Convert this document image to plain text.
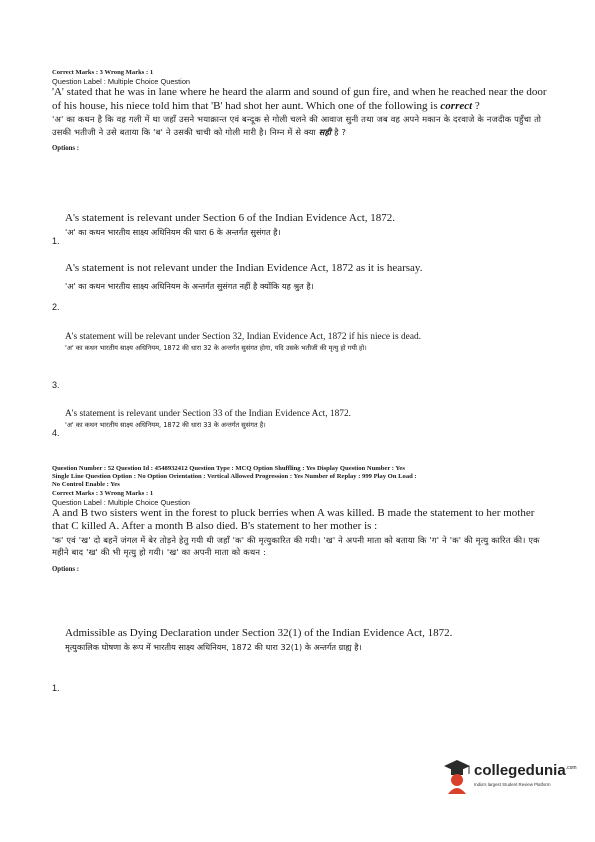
Correct Marks : 3 Wrong Marks : 1
Question Label : Multiple Choice Question
'A' stated that he was in lane where he heard the alarm and sound of gun fire, and when he reached near the door of his house, his niece told him that 'B' had shot her aunt. Which one of the following is correct ?
'अ' का कथन है कि वह गली में था जहाँ उसने भयाक्रान्त एवं बन्दूक से गोली चलने की आवाज सुनी तथा जब वह अपने मकान के दरवाजे के नजदीक पहुँचा तो उसकी भतीजी ने उसे बताया कि 'ब' ने उसकी चाची को गोली मारी है। निम्न में से क्या सही है ?
Options :
1.
A's statement is relevant under Section 6 of the Indian Evidence Act, 1872.
'अ' का कथन भारतीय साक्ष्य अधिनियम की धारा 6 के अन्तर्गत सुसंगत है।
2.
A's statement is not relevant under the Indian Evidence Act, 1872 as it is hearsay.
'अ' का कथन भारतीय साक्ष्य अधिनियम के अन्तर्गत सुसंगत नहीं है क्योंकि यह श्रुत है।
3.
A's statement will be relevant under Section 32, Indian Evidence Act, 1872 if his niece is dead.
'अ' का कथन भारतीय साक्ष्य अधिनियम, 1872 की धारा 32 के अन्तर्गत सुसंगत होगा, यदि उसके भतीजी की मृत्यु हो गयी हो।
4.
A's statement is relevant under Section 33 of the Indian Evidence Act, 1872.
'अ' का कथन भारतीय साक्ष्य अधिनियम, 1872 की धारा 33 के अन्तर्गत सुसंगत है।
Question Number : 52 Question Id : 4548932412 Question Type : MCQ Option Shuffling : Yes Display Question Number : Yes
Single Line Question Option : No Option Orientation : Vertical Allowed Progression : Yes Number of Replay : 999 Play On Load :
No Control Enable : Yes
Correct Marks : 3 Wrong Marks : 1
Question Label : Multiple Choice Question
A and B two sisters went in the forest to pluck berries when A was killed. B made the statement to her mother that C killed A. After a month B also died. B's statement to her mother is :
'क' एवं 'ख' दो बहनें जंगल में बेर तोड़ने हेतु गयी थी जहाँ 'क' की मृत्युकारित की गयी। 'ख' ने अपनी माता को बताया कि 'ग' ने 'क' की मृत्यु कारित की। एक महीने बाद 'ख' की भी मृत्यु हो गयी। 'ख' का अपनी माता को कथन :
Options :
1.
Admissible as Dying Declaration under Section 32(1) of the Indian Evidence Act, 1872.
मृत्युकालिक घोषणा के रूप में भारतीय साक्ष्य अधिनियम, 1872 की धारा 32(1) के अन्तर्गत ग्राह्य है।
collegedunia$^{.com}$
India's largest Student Review Platform
